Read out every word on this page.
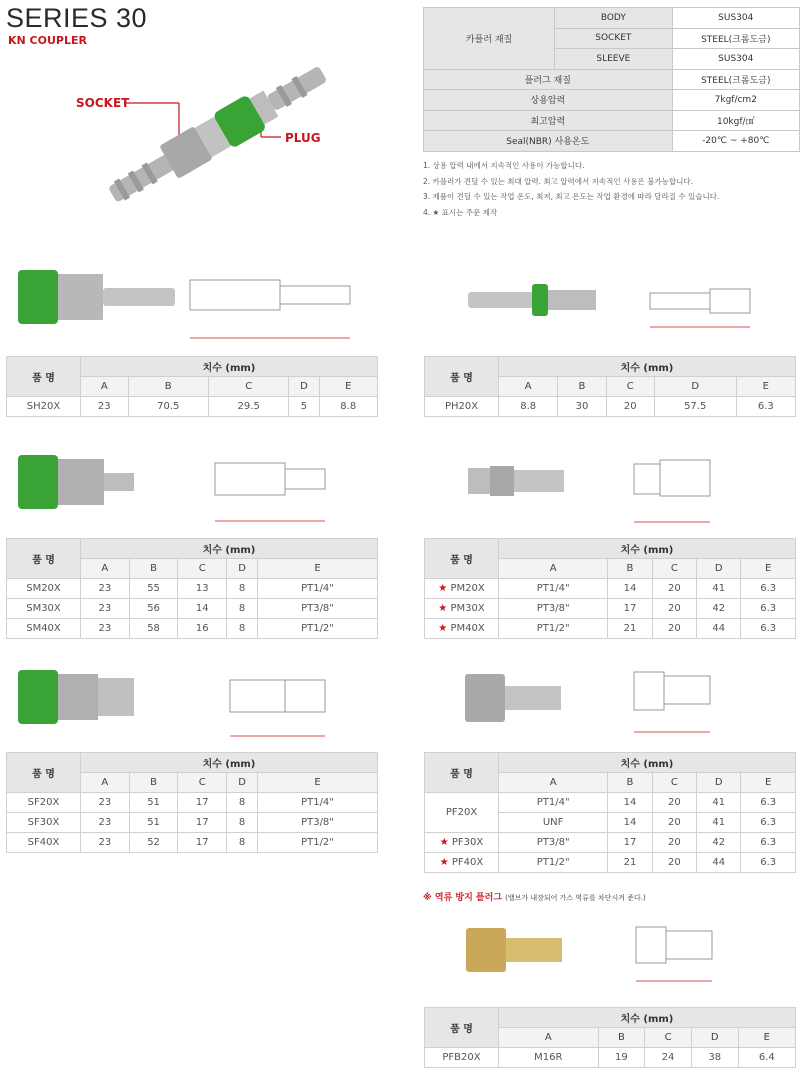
SERIES 30
KN COUPLER
SOCKET
PLUG
카플러 재질	BODY	SUS304
	SOCKET	STEEL(크롬도금)
	SLEEVE	SUS304
플러그 재질		STEEL(크롬도금)
상용압력		7kgf/cm2
최고압력		10kgf/㎠
Seal(NBR) 사용온도		-20℃ ~ +80℃
1. 상용 압력 내에서 지속적인 사용이 가능합니다.
2. 카플러가 견딜 수 있는 최대 압력. 최고 압력에서 지속적인 사용은 불가능합니다.
3. 제품이 견딜 수 있는 작업 온도, 최저, 최고 온도는 작업 환경에 따라 달라질 수 있습니다.
4. ★ 표시는 주문 제작
품 명	치수 (mm)				
	A	B	C	D	E
SH20X	23	70.5	29.5	5	8.8
품 명	치수 (mm)				
	A	B	C	D	E
PH20X	8.8	30	20	57.5	6.3
품 명	치수 (mm)				
	A	B	C	D	E
SM20X	23	55	13	8	PT1/4"
SM30X	23	56	14	8	PT3/8"
SM40X	23	58	16	8	PT1/2"
품 명	치수 (mm)				
	A	B	C	D	E
★ PM20X	PT1/4"	14	20	41	6.3
★ PM30X	PT3/8"	17	20	42	6.3
★ PM40X	PT1/2"	21	20	44	6.3
품 명	치수 (mm)				
	A	B	C	D	E
SF20X	23	51	17	8	PT1/4"
SF30X	23	51	17	8	PT3/8"
SF40X	23	52	17	8	PT1/2"
품 명	치수 (mm)				
	A	B	C	D	E
PF20X	PT1/4"	14	20	41	6.3
	UNF	14	20	41	6.3
★ PF30X	PT3/8"	17	20	42	6.3
★ PF40X	PT1/2"	21	20	44	6.3
※ 역류 방지 플러그 (밸브가 내장되어 가스 역류를 차단시켜 준다.)
품 명	치수 (mm)				
	A	B	C	D	E
PFB20X	M16R	19	24	38	6.4
